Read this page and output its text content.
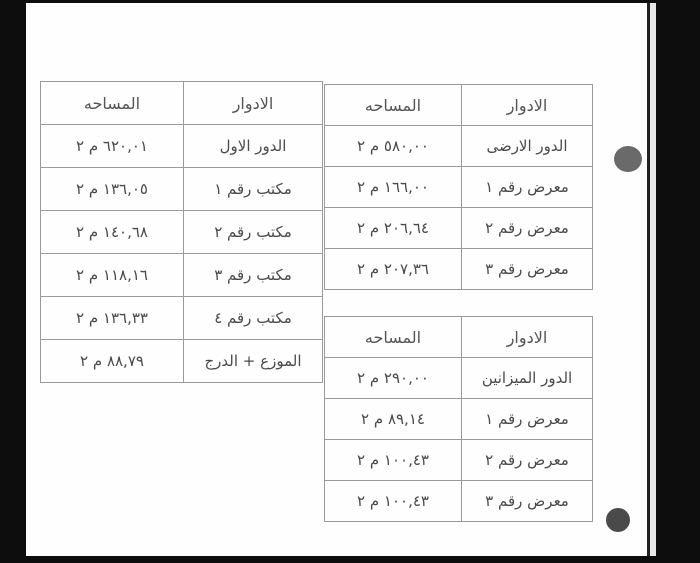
الادوار	المساحه
الدور الارضى	٥٨٠,٠٠ م ٢
معرض رقم ١	١٦٦,٠٠ م ٢
معرض رقم ٢	٢٠٦,٦٤ م ٢
معرض رقم ٣	٢٠٧,٣٦ م ٢
الادوار	المساحه
الدور الاول	٦٢٠,٠١ م ٢
مكتب رقم ١	١٣٦,٠٥ م ٢
مكتب رقم ٢	١٤٠,٦٨ م ٢
مكتب رقم ٣	١١٨,١٦ م ٢
مكتب رقم ٤	١٣٦,٣٣ م ٢
الموزع + الدرج	٨٨,٧٩ م ٢
الادوار	المساحه
الدور الميزانين	٢٩٠,٠٠ م ٢
معرض رقم ١	٨٩,١٤ م ٢
معرض رقم ٢	١٠٠,٤٣ م ٢
معرض رقم ٣	١٠٠,٤٣ م ٢
